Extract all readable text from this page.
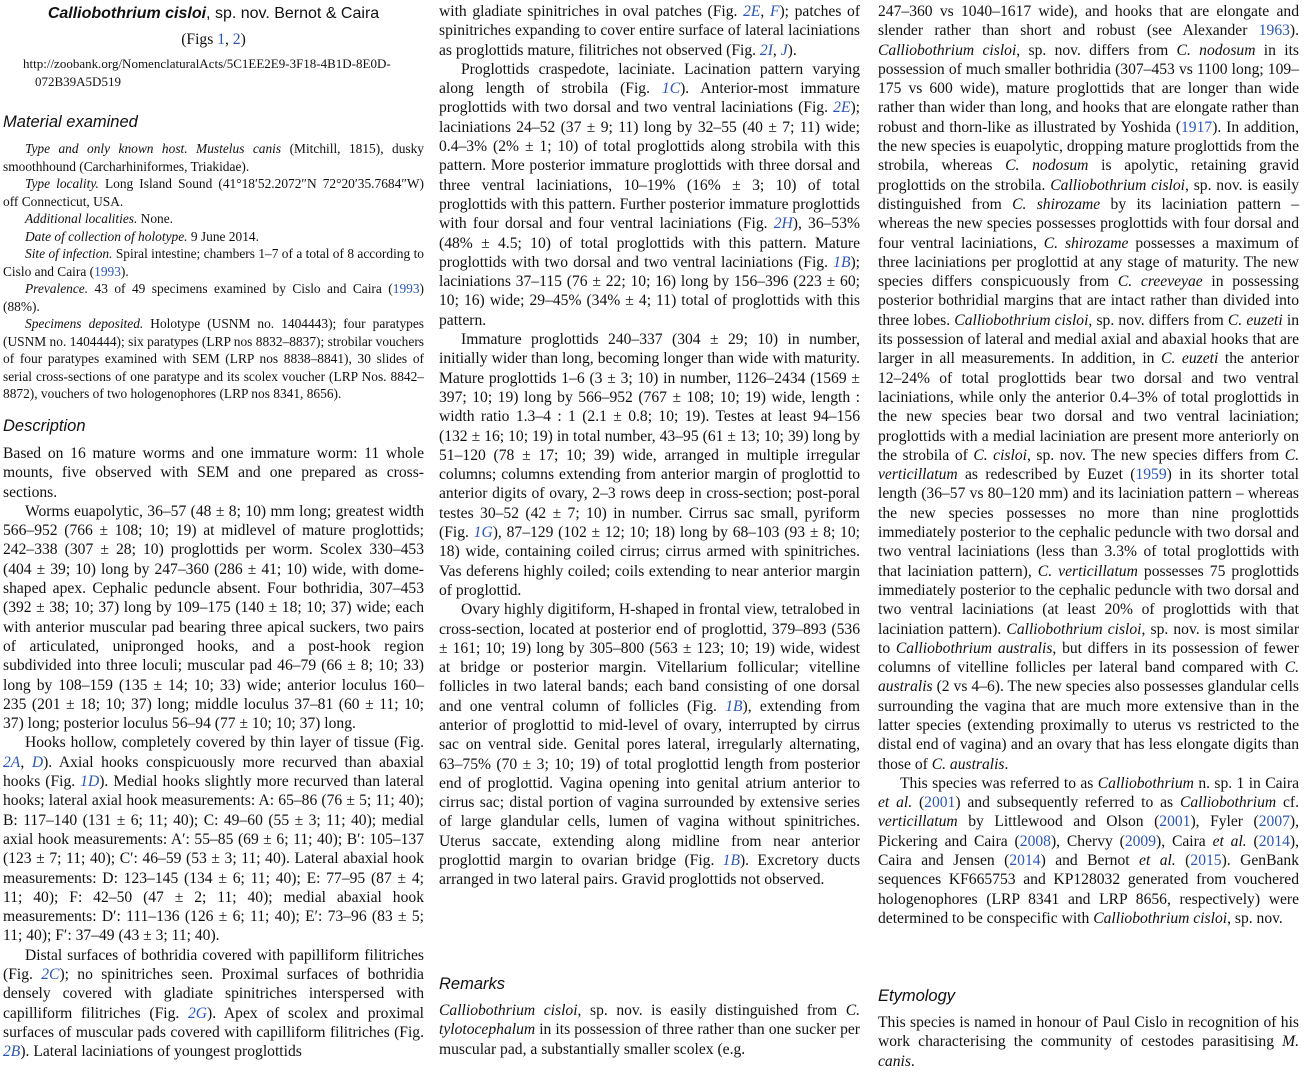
Calliobothrium cisloi, sp. nov. Bernot & Caira
(Figs 1, 2)

http://zoobank.org/NomenclaturalActs/5C1EE2E9-3F18-4B1D-8E0D-
072B39A5D519

Material examined

Type and only known host. Mustelus canis (Mitchill, 1815), dusky smoothhound (Carcharhiniformes, Triakidae).

Type locality. Long Island Sound (41°18′52.2072″N 72°20′35.7684″W) off Connecticut, USA.

Additional localities. None.

Date of collection of holotype. 9 June 2014.

Site of infection. Spiral intestine; chambers 1–7 of a total of 8 according to Cislo and Caira (1993).

Prevalence. 43 of 49 specimens examined by Cislo and Caira (1993) (88%).

Specimens deposited. Holotype (USNM no. 1404443); four paratypes (USNM no. 1404444); six paratypes (LRP nos 8832–8837); strobilar vouchers of four paratypes examined with SEM (LRP nos 8838–8841), 30 slides of serial cross-sections of one paratype and its scolex voucher (LRP Nos. 8842–8872), vouchers of two hologenophores (LRP nos 8341, 8656).

Description

Based on 16 mature worms and one immature worm: 11 whole mounts, five observed with SEM and one prepared as cross-sections.

Worms euapolytic, 36–57 (48 ± 8; 10) mm long; greatest width 566–952 (766 ± 108; 10; 19) at midlevel of mature proglottids; 242–338 (307 ± 28; 10) proglottids per worm. Scolex 330–453 (404 ± 39; 10) long by 247–360 (286 ± 41; 10) wide, with dome-shaped apex. Cephalic peduncle absent. Four bothridia, 307–453 (392 ± 38; 10; 37) long by 109–175 (140 ± 18; 10; 37) wide; each with anterior muscular pad bearing three apical suckers, two pairs of articulated, unipronged hooks, and a post-hook region subdivided into three loculi; muscular pad 46–79 (66 ± 8; 10; 33) long by 108–159 (135 ± 14; 10; 33) wide; anterior loculus 160–235 (201 ± 18; 10; 37) long; middle loculus 37–81 (60 ± 11; 10; 37) long; posterior loculus 56–94 (77 ± 10; 10; 37) long.

Hooks hollow, completely covered by thin layer of tissue (Fig. 2A, D). Axial hooks conspicuously more recurved than abaxial hooks (Fig. 1D). Medial hooks slightly more recurved than lateral hooks; lateral axial hook measurements: A: 65–86 (76 ± 5; 11; 40); B: 117–140 (131 ± 6; 11; 40); C: 49–60 (55 ± 3; 11; 40); medial axial hook measurements: A′: 55–85 (69 ± 6; 11; 40); B′: 105–137 (123 ± 7; 11; 40); C′: 46–59 (53 ± 3; 11; 40). Lateral abaxial hook measurements: D: 123–145 (134 ± 6; 11; 40); E: 77–95 (87 ± 4; 11; 40); F: 42–50 (47 ± 2; 11; 40); medial abaxial hook measurements: D′: 111–136 (126 ± 6; 11; 40); E′: 73–96 (83 ± 5; 11; 40); F′: 37–49 (43 ± 3; 11; 40).

Distal surfaces of bothridia covered with papilliform filitriches (Fig. 2C); no spinitriches seen. Proximal surfaces of bothridia densely covered with gladiate spinitriches interspersed with capilliform filitriches (Fig. 2G). Apex of scolex and proximal surfaces of muscular pads covered with capilliform filitriches (Fig. 2B). Lateral laciniations of youngest proglottids

with gladiate spinitriches in oval patches (Fig. 2E, F); patches of spinitriches expanding to cover entire surface of lateral laciniations as proglottids mature, filitriches not observed (Fig. 2I, J).

Proglottids craspedote, laciniate. Lacination pattern varying along length of strobila (Fig. 1C). Anterior-most immature proglottids with two dorsal and two ventral laciniations (Fig. 2E); laciniations 24–52 (37 ± 9; 11) long by 32–55 (40 ± 7; 11) wide; 0.4–3% (2% ± 1; 10) of total proglottids along strobila with this pattern. More posterior immature proglottids with three dorsal and three ventral laciniations, 10–19% (16% ± 3; 10) of total proglottids with this pattern. Further posterior immature proglottids with four dorsal and four ventral laciniations (Fig. 2H), 36–53% (48% ± 4.5; 10) of total proglottids with this pattern. Mature proglottids with two dorsal and two ventral laciniations (Fig. 1B); laciniations 37–115 (76 ± 22; 10; 16) long by 156–396 (223 ± 60; 10; 16) wide; 29–45% (34% ± 4; 11) total of proglottids with this pattern.

Immature proglottids 240–337 (304 ± 29; 10) in number, initially wider than long, becoming longer than wide with maturity. Mature proglottids 1–6 (3 ± 3; 10) in number, 1126–2434 (1569 ± 397; 10; 19) long by 566–952 (767 ± 108; 10; 19) wide, length : width ratio 1.3–4 : 1 (2.1 ± 0.8; 10; 19). Testes at least 94–156 (132 ± 16; 10; 19) in total number, 43–95 (61 ± 13; 10; 39) long by 51–120 (78 ± 17; 10; 39) wide, arranged in multiple irregular columns; columns extending from anterior margin of proglottid to anterior digits of ovary, 2–3 rows deep in cross-section; post-poral testes 30–52 (42 ± 7; 10) in number. Cirrus sac small, pyriform (Fig. 1G), 87–129 (102 ± 12; 10; 18) long by 68–103 (93 ± 8; 10; 18) wide, containing coiled cirrus; cirrus armed with spinitriches. Vas deferens highly coiled; coils extending to near anterior margin of proglottid.

Ovary highly digitiform, H-shaped in frontal view, tetralobed in cross-section, located at posterior end of proglottid, 379–893 (536 ± 161; 10; 19) long by 305–800 (563 ± 123; 10; 19) wide, widest at bridge or posterior margin. Vitellarium follicular; vitelline follicles in two lateral bands; each band consisting of one dorsal and one ventral column of follicles (Fig. 1B), extending from anterior of proglottid to mid-level of ovary, interrupted by cirrus sac on ventral side. Genital pores lateral, irregularly alternating, 63–75% (70 ± 3; 10; 19) of total proglottid length from posterior end of proglottid. Vagina opening into genital atrium anterior to cirrus sac; distal portion of vagina surrounded by extensive series of large glandular cells, lumen of vagina without spinitriches. Uterus saccate, extending along midline from near anterior proglottid margin to ovarian bridge (Fig. 1B). Excretory ducts arranged in two lateral pairs. Gravid proglottids not observed.

Remarks

Calliobothrium cisloi, sp. nov. is easily distinguished from C. tylotocephalum in its possession of three rather than one sucker per muscular pad, a substantially smaller scolex (e.g.

247–360 vs 1040–1617 wide), and hooks that are elongate and slender rather than short and robust (see Alexander 1963). Calliobothrium cisloi, sp. nov. differs from C. nodosum in its possession of much smaller bothridia (307–453 vs 1100 long; 109–175 vs 600 wide), mature proglottids that are longer than wide rather than wider than long, and hooks that are elongate rather than robust and thorn-like as illustrated by Yoshida (1917). In addition, the new species is euapolytic, dropping mature proglottids from the strobila, whereas C. nodosum is apolytic, retaining gravid proglottids on the strobila. Calliobothrium cisloi, sp. nov. is easily distinguished from C. shirozame by its laciniation pattern – whereas the new species possesses proglottids with four dorsal and four ventral laciniations, C. shirozame possesses a maximum of three laciniations per proglottid at any stage of maturity. The new species differs conspicuously from C. creeveyae in possessing posterior bothridial margins that are intact rather than divided into three lobes. Calliobothrium cisloi, sp. nov. differs from C. euzeti in its possession of lateral and medial axial and abaxial hooks that are larger in all measurements. In addition, in C. euzeti the anterior 12–24% of total proglottids bear two dorsal and two ventral laciniations, while only the anterior 0.4–3% of total proglottids in the new species bear two dorsal and two ventral laciniation; proglottids with a medial laciniation are present more anteriorly on the strobila of C. cisloi, sp. nov. The new species differs from C. verticillatum as redescribed by Euzet (1959) in its shorter total length (36–57 vs 80–120 mm) and its laciniation pattern – whereas the new species possesses no more than nine proglottids immediately posterior to the cephalic peduncle with two dorsal and two ventral laciniations (less than 3.3% of total proglottids with that laciniation pattern), C. verticillatum possesses 75 proglottids immediately posterior to the cephalic peduncle with two dorsal and two ventral laciniations (at least 20% of proglottids with that laciniation pattern). Calliobothrium cisloi, sp. nov. is most similar to Calliobothrium australis, but differs in its possession of fewer columns of vitelline follicles per lateral band compared with C. australis (2 vs 4–6). The new species also possesses glandular cells surrounding the vagina that are much more extensive than in the latter species (extending proximally to uterus vs restricted to the distal end of vagina) and an ovary that has less elongate digits than those of C. australis.

This species was referred to as Calliobothrium n. sp. 1 in Caira et al. (2001) and subsequently referred to as Calliobothrium cf. verticillatum by Littlewood and Olson (2001), Fyler (2007), Pickering and Caira (2008), Chervy (2009), Caira et al. (2014), Caira and Jensen (2014) and Bernot et al. (2015). GenBank sequences KF665753 and KP128032 generated from vouchered hologenophores (LRP 8341 and LRP 8656, respectively) were determined to be conspecific with Calliobothrium cisloi, sp. nov.

Etymology

This species is named in honour of Paul Cislo in recognition of his work characterising the community of cestodes parasitising M. canis.
